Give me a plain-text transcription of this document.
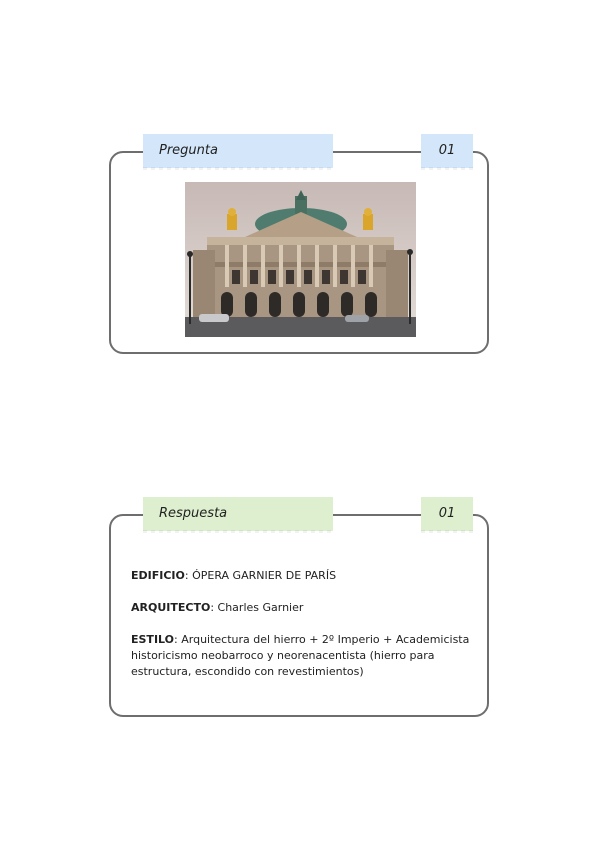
Pregunta	01
Respuesta	01

EDIFICIO: ÓPERA GARNIER DE PARÍS

ARQUITECTO: Charles Garnier

ESTILO: Arquitectura del hierro + 2º Imperio + Academicista historicismo neobarroco y neorenacentista (hierro para estructura, escondido con revestimientos)
